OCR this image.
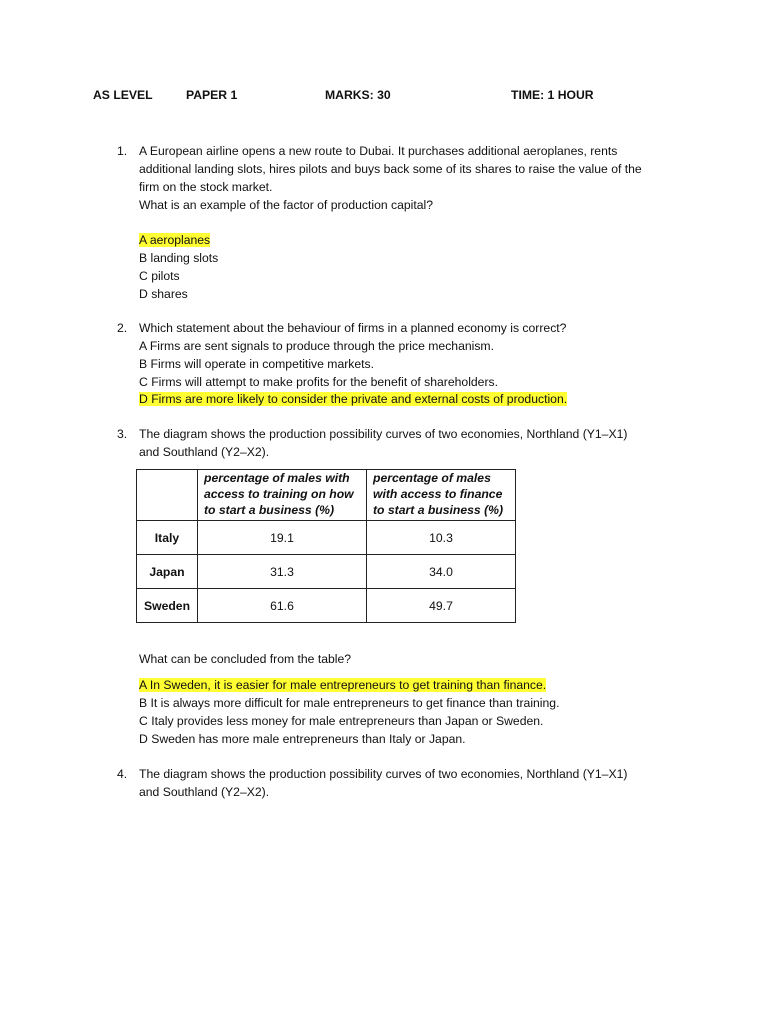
AS LEVEL	PAPER 1	MARKS: 30	TIME: 1 HOUR
1. A European airline opens a new route to Dubai. It purchases additional aeroplanes, rents
additional landing slots, hires pilots and buys back some of its shares to raise the value of the
firm on the stock market.
What is an example of the factor of production capital?
A aeroplanes
B landing slots
C pilots
D shares
2. Which statement about the behaviour of firms in a planned economy is correct?
A Firms are sent signals to produce through the price mechanism.
B Firms will operate in competitive markets.
C Firms will attempt to make profits for the benefit of shareholders.
D Firms are more likely to consider the private and external costs of production.
3. The diagram shows the production possibility curves of two economies, Northland (Y1–X1)
and Southland (Y2–X2).
	percentage of males with access to training on how to start a business (%)	percentage of males with access to finance to start a business (%)
Italy	19.1	10.3
Japan	31.3	34.0
Sweden	61.6	49.7
What can be concluded from the table?
A In Sweden, it is easier for male entrepreneurs to get training than finance.
B It is always more difficult for male entrepreneurs to get finance than training.
C Italy provides less money for male entrepreneurs than Japan or Sweden.
D Sweden has more male entrepreneurs than Italy or Japan.
4. The diagram shows the production possibility curves of two economies, Northland (Y1–X1)
and Southland (Y2–X2).
